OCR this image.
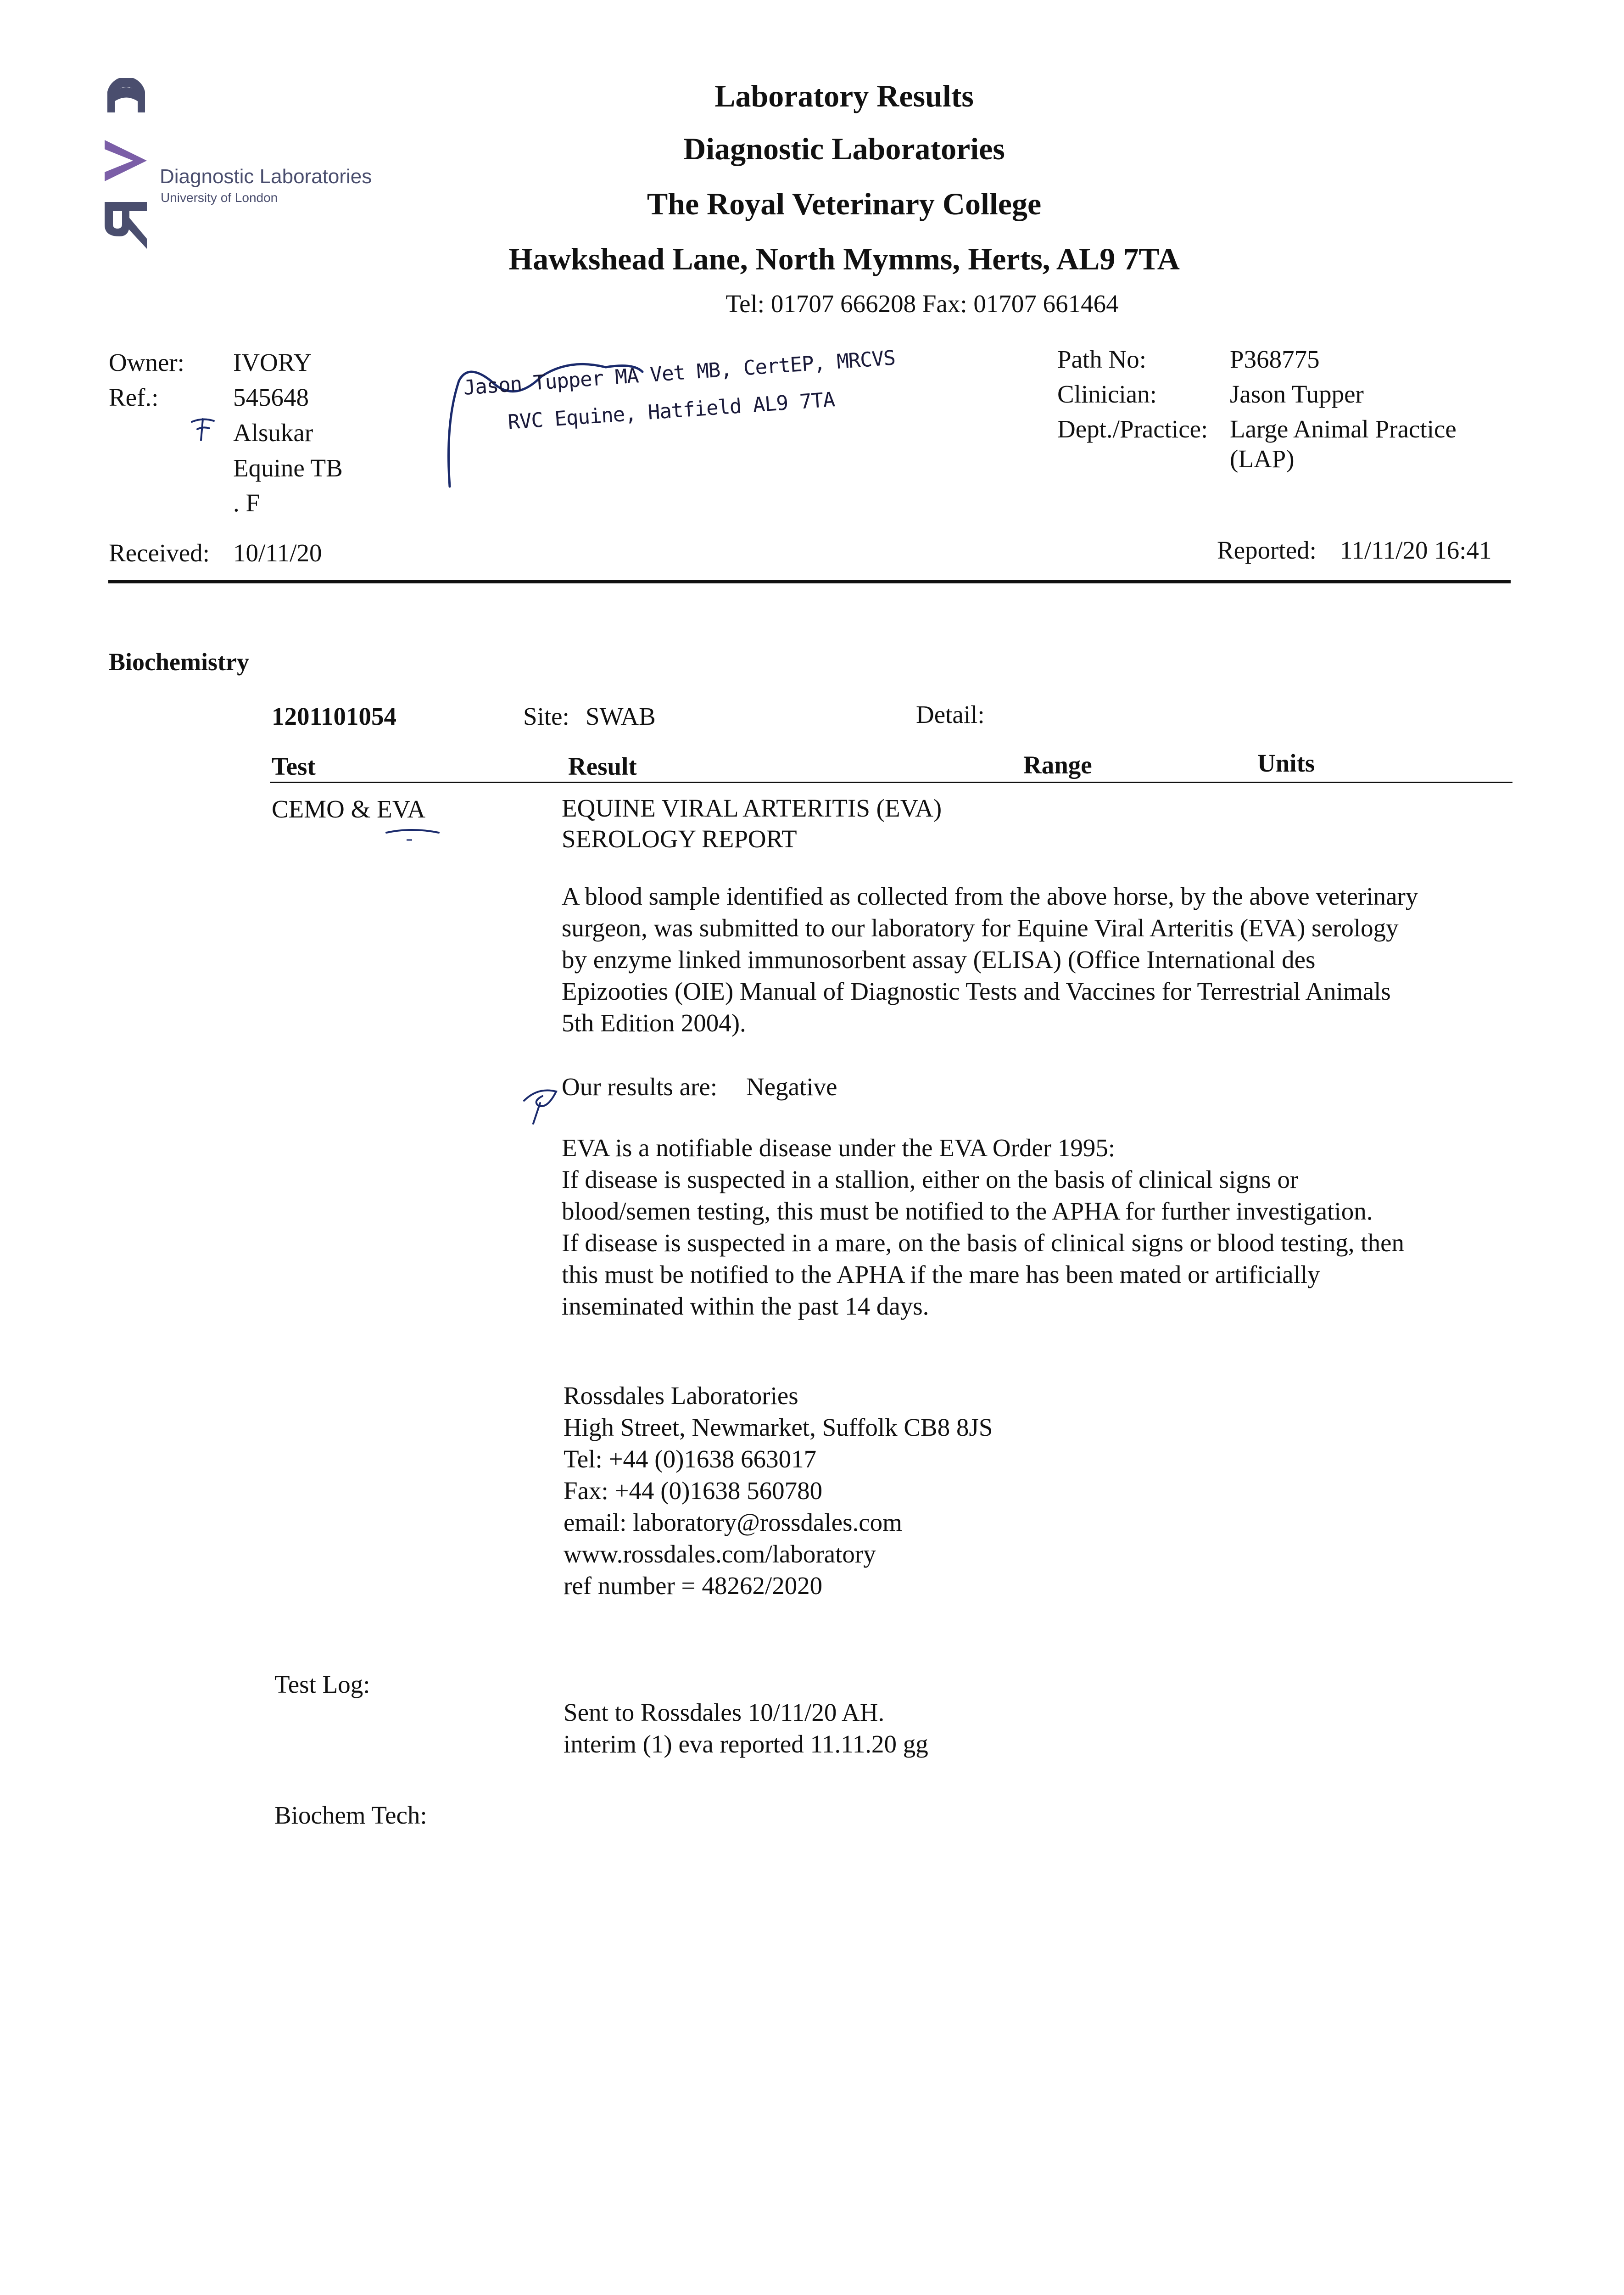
Diagnostic Laboratories
University of London
Laboratory Results
Diagnostic Laboratories
The Royal Veterinary College
Hawkshead Lane, North Mymms, Herts, AL9 7TA
Tel: 01707 666208 Fax: 01707 661464
Owner: IVORY
Ref.:	545648
Alsukar
Equine TB
. F
Received: 10/11/20
Jason Tupper MA Vet MB, CertEP, MRCVS
RVC Equine, Hatfield AL9 7TA
Path No:	P368775
Clinician:	Jason Tupper
Dept./Practice: Large Animal Practice
(LAP)
Reported: 11/11/20 16:41
Biochemistry
1201101054	Site: SWAB	Detail:
Test	Result	Range	Units
CEMO & EVA	EQUINE VIRAL ARTERITIS (EVA)
SEROLOGY REPORT
A blood sample identified as collected from the above horse, by the above veterinary
surgeon, was submitted to our laboratory for Equine Viral Arteritis (EVA) serology
by enzyme linked immunosorbent assay (ELISA) (Office International des
Epizooties (OIE) Manual of Diagnostic Tests and Vaccines for Terrestrial Animals
5th Edition 2004).
Our results are: Negative
EVA is a notifiable disease under the EVA Order 1995:
If disease is suspected in a stallion, either on the basis of clinical signs or
blood/semen testing, this must be notified to the APHA for further investigation.
If disease is suspected in a mare, on the basis of clinical signs or blood testing, then
this must be notified to the APHA if the mare has been mated or artificially
inseminated within the past 14 days.
Rossdales Laboratories
High Street, Newmarket, Suffolk CB8 8JS
Tel: +44 (0)1638 663017
Fax: +44 (0)1638 560780
email: laboratory@rossdales.com
www.rossdales.com/laboratory
ref number = 48262/2020
Test Log:
Sent to Rossdales 10/11/20 AH.
interim (1) eva reported 11.11.20 gg
Biochem Tech:
